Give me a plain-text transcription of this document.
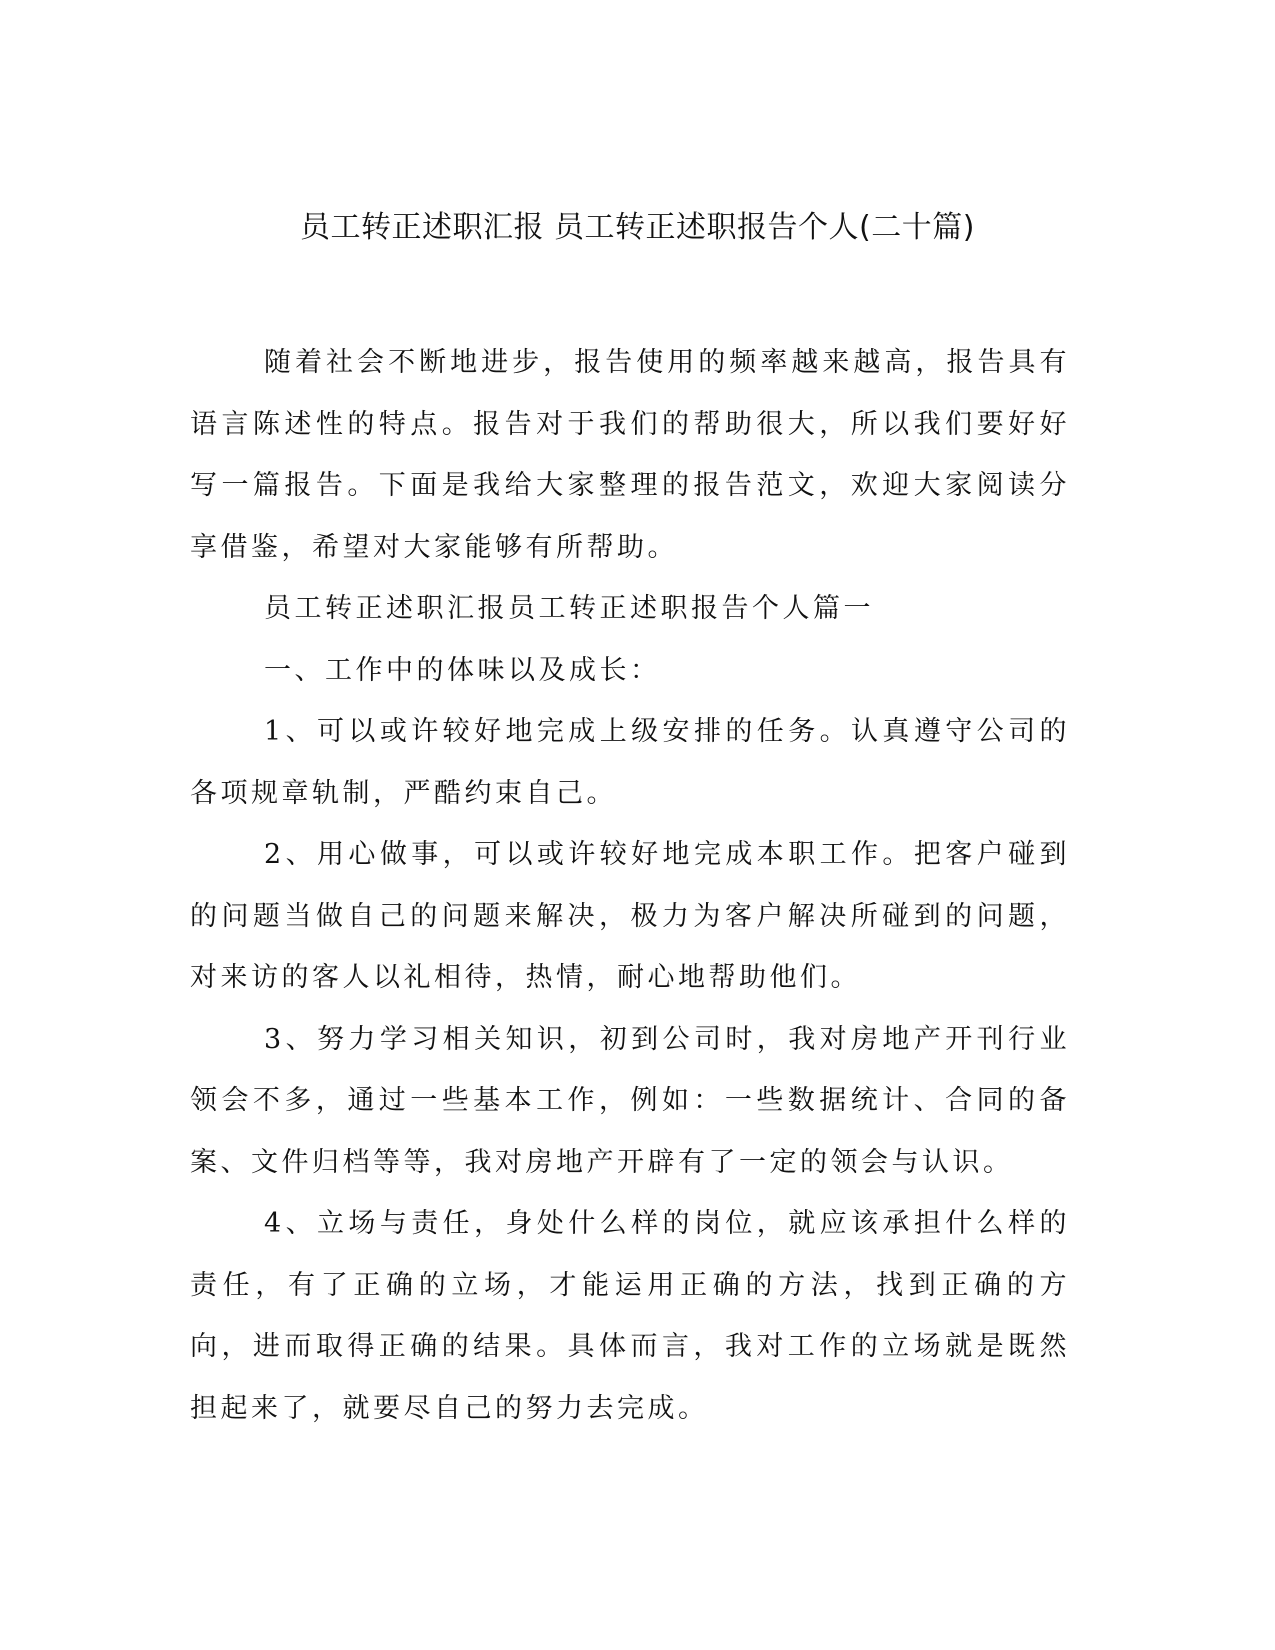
员工转正述职汇报 员工转正述职报告个人(二十篇)

随着社会不断地进步，报告使用的频率越来越高，报告具有语言陈述性的特点。报告对于我们的帮助很大，所以我们要好好写一篇报告。下面是我给大家整理的报告范文，欢迎大家阅读分享借鉴，希望对大家能够有所帮助。

员工转正述职汇报员工转正述职报告个人篇一

一、工作中的体味以及成长：

1、可以或许较好地完成上级安排的任务。认真遵守公司的各项规章轨制，严酷约束自己。

2、用心做事，可以或许较好地完成本职工作。把客户碰到的问题当做自己的问题来解决，极力为客户解决所碰到的问题，对来访的客人以礼相待，热情，耐心地帮助他们。

3、努力学习相关知识，初到公司时，我对房地产开刊行业领会不多，通过一些基本工作，例如：一些数据统计、合同的备案、文件归档等等，我对房地产开辟有了一定的领会与认识。

4、立场与责任，身处什么样的岗位，就应该承担什么样的责任，有了正确的立场，才能运用正确的方法，找到正确的方向，进而取得正确的结果。具体而言，我对工作的立场就是既然担起来了，就要尽自己的努力去完成。
